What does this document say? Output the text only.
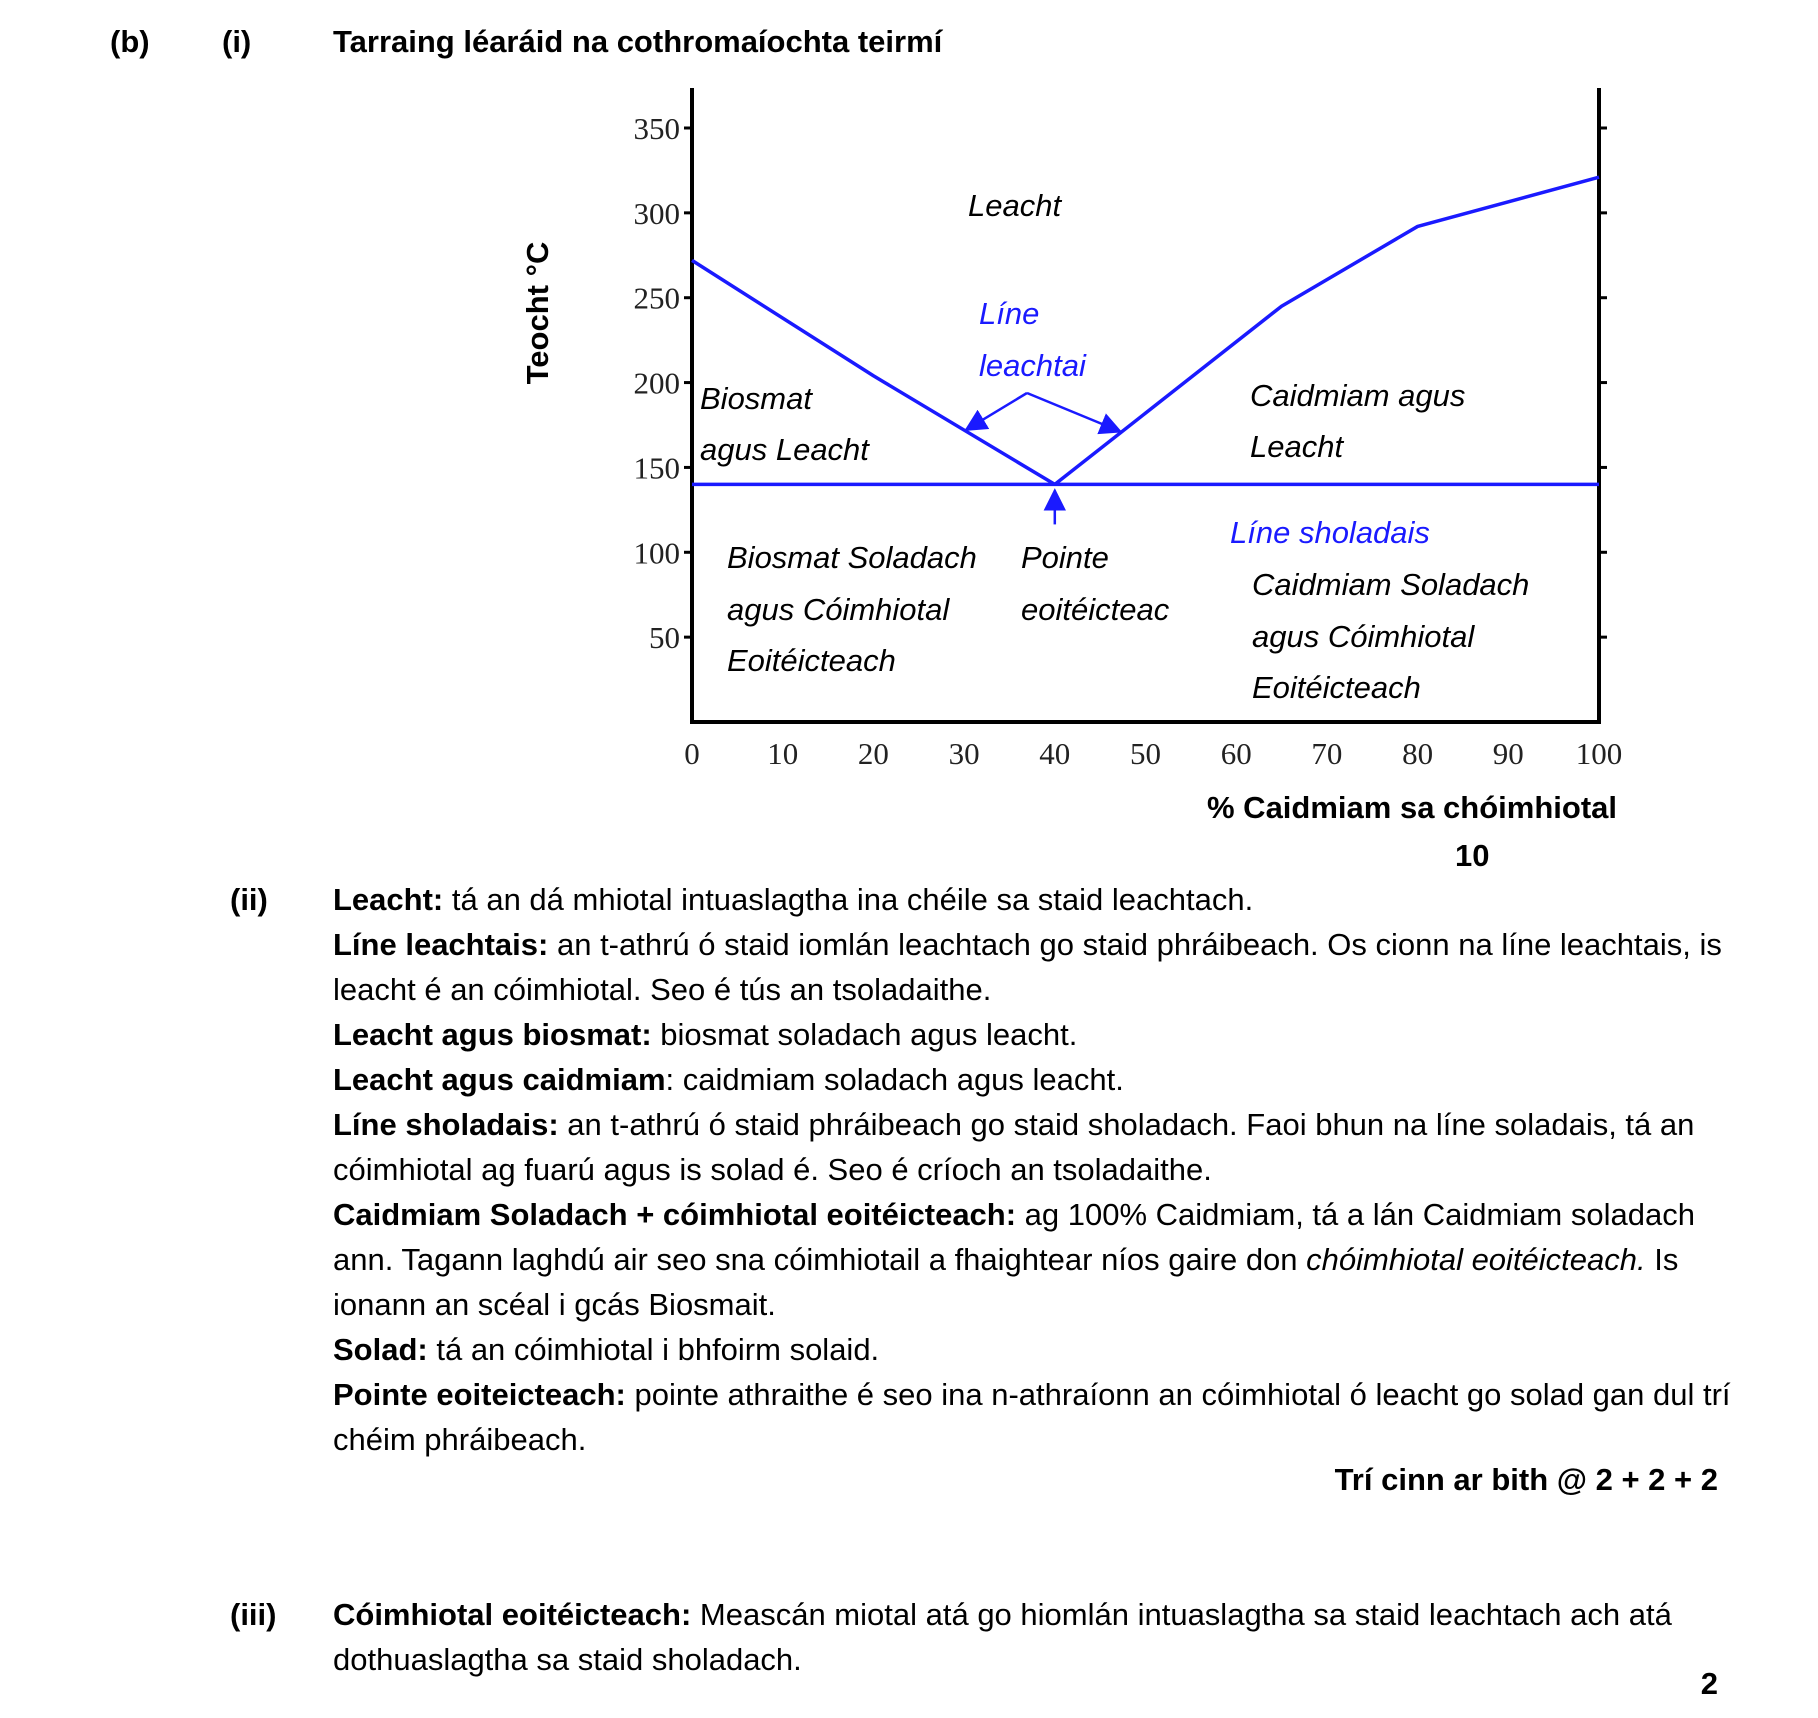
(b) (i)	Tarraing léaráid na cothromaíochta teirmí
350
300
250
200
150
100
50
0 10 20 30 40 50 60 70 80 90 100
% Caidmiam sa chóimhiotal
Teocht °C
Leacht
Biosmat
agus Leacht
Caidmiam agus
Leacht
Biosmat Soladach
agus Cóimhiotal
Eoitéicteach
Caidmiam Soladach
agus Cóimhiotal
Eoitéicteach
Pointe
eoitéicteac
Líne
leachtai
Líne sholadais
10
(ii) Leacht: tá an dá mhiotal intuaslagtha ina chéile sa staid leachtach.

Líne leachtais: an t-athrú ó staid iomlán leachtach go staid phráibeach. Os cionn na líne leachtais, is leacht é an cóimhiotal. Seo é tús an tsoladaithe.

Leacht agus biosmat: biosmat soladach agus leacht.

Leacht agus caidmiam: caidmiam soladach agus leacht.

Líne sholadais: an t-athrú ó staid phráibeach go staid sholadach. Faoi bhun na líne soladais, tá an cóimhiotal ag fuarú agus is solad é. Seo é críoch an tsoladaithe.

Caidmiam Soladach + cóimhiotal eoitéicteach: ag 100% Caidmiam, tá a lán Caidmiam soladach ann. Tagann laghdú air seo sna cóimhiotail a fhaightear níos gaire don chóimhiotal eoitéicteach. Is ionann an scéal i gcás Biosmait.

Solad: tá an cóimhiotal i bhfoirm solaid.

Pointe eoiteicteach: pointe athraithe é seo ina n-athraíonn an cóimhiotal ó leacht go solad gan dul trí chéim phráibeach.

Trí cinn ar bith @ 2 + 2 + 2
(iii) Cóimhiotal eoitéicteach: Meascán miotal atá go hiomlán intuaslagtha sa staid leachtach ach atá dothuaslagtha sa staid sholadach.

2
